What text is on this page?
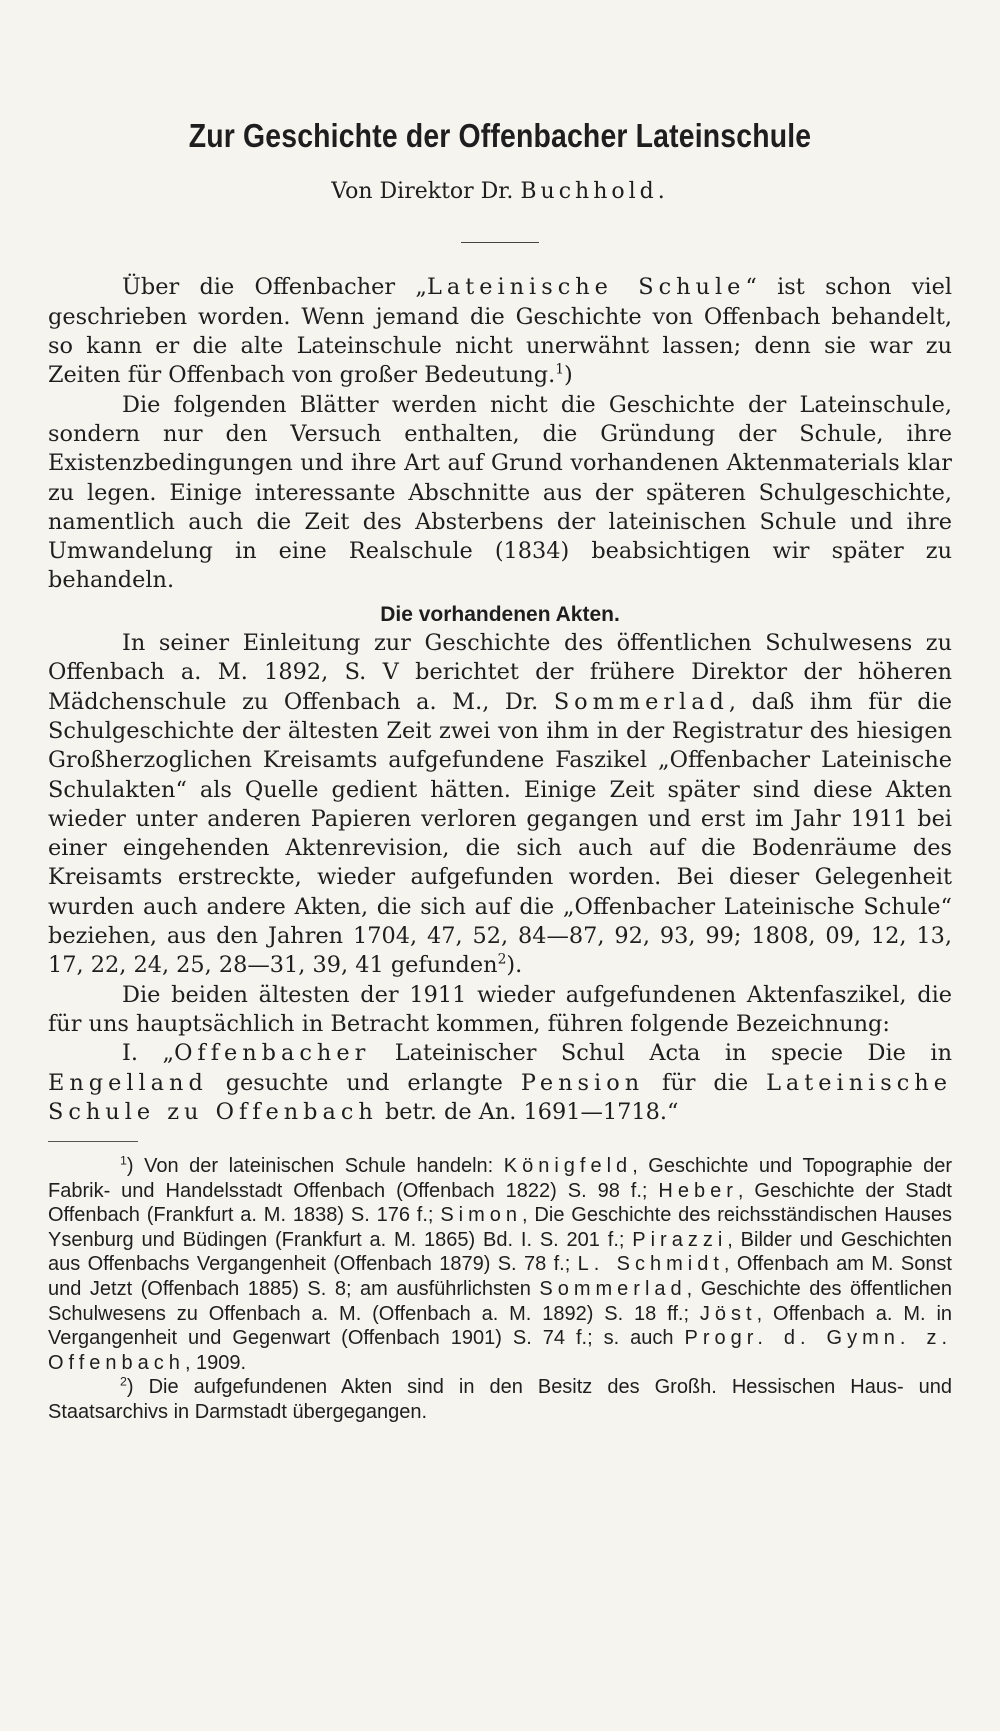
Zur Geschichte der Offenbacher Lateinschule
Von Direktor Dr. Buchhold.

Über die Offenbacher „Lateinische Schule“ ist schon viel geschrieben worden. Wenn jemand die Geschichte von Offenbach behandelt, so kann er die alte Lateinschule nicht unerwähnt lassen; denn sie war zu Zeiten für Offenbach von großer Bedeutung.$^1$)

Die folgenden Blätter werden nicht die Geschichte der Lateinschule, sondern nur den Versuch enthalten, die Gründung der Schule, ihre Existenzbedingungen und ihre Art auf Grund vorhandenen Aktenmaterials klar zu legen. Einige interessante Abschnitte aus der späteren Schulgeschichte, namentlich auch die Zeit des Absterbens der lateinischen Schule und ihre Umwandelung in eine Realschule (1834) beabsichtigen wir später zu behandeln.

Die vorhandenen Akten.

In seiner Einleitung zur Geschichte des öffentlichen Schulwesens zu Offenbach a. M. 1892, S. V berichtet der frühere Direktor der höheren Mädchenschule zu Offenbach a. M., Dr. Sommerlad, daß ihm für die Schulgeschichte der ältesten Zeit zwei von ihm in der Registratur des hiesigen Großherzoglichen Kreisamts aufgefundene Faszikel „Offenbacher Lateinische Schulakten“ als Quelle gedient hätten. Einige Zeit später sind diese Akten wieder unter anderen Papieren verloren gegangen und erst im Jahr 1911 bei einer eingehenden Aktenrevision, die sich auch auf die Bodenräume des Kreisamts erstreckte, wieder aufgefunden worden. Bei dieser Gelegenheit wurden auch andere Akten, die sich auf die „Offenbacher Lateinische Schule“ beziehen, aus den Jahren 1704, 47, 52, 84—87, 92, 93, 99; 1808, 09, 12, 13, 17, 22, 24, 25, 28—31, 39, 41 gefunden$^2$).

Die beiden ältesten der 1911 wieder aufgefundenen Aktenfaszikel, die für uns hauptsächlich in Betracht kommen, führen folgende Bezeichnung:

I. „Offenbacher Lateinischer Schul Acta in specie Die in Engelland gesuchte und erlangte Pension für die Lateinische Schule zu Offenbach betr. de An. 1691—1718.“

$^1$) Von der lateinischen Schule handeln: Königfeld, Geschichte und Topographie der Fabrik- und Handelsstadt Offenbach (Offenbach 1822) S. 98 f.; Heber, Geschichte der Stadt Offenbach (Frankfurt a. M. 1838) S. 176 f.; Simon, Die Geschichte des reichsständischen Hauses Ysenburg und Büdingen (Frankfurt a. M. 1865) Bd. I. S. 201 f.; Pirazzi, Bilder und Geschichten aus Offenbachs Vergangenheit (Offenbach 1879) S. 78 f.; L. Schmidt, Offenbach am M. Sonst und Jetzt (Offenbach 1885) S. 8; am ausführlichsten Sommerlad, Geschichte des öffentlichen Schulwesens zu Offenbach a. M. (Offenbach a. M. 1892) S. 18 ff.; Jöst, Offenbach a. M. in Vergangenheit und Gegenwart (Offenbach 1901) S. 74 f.; s. auch Progr. d. Gymn. z. Offenbach, 1909.

$^2$) Die aufgefundenen Akten sind in den Besitz des Großh. Hessischen Haus- und Staatsarchivs in Darmstadt übergegangen.
